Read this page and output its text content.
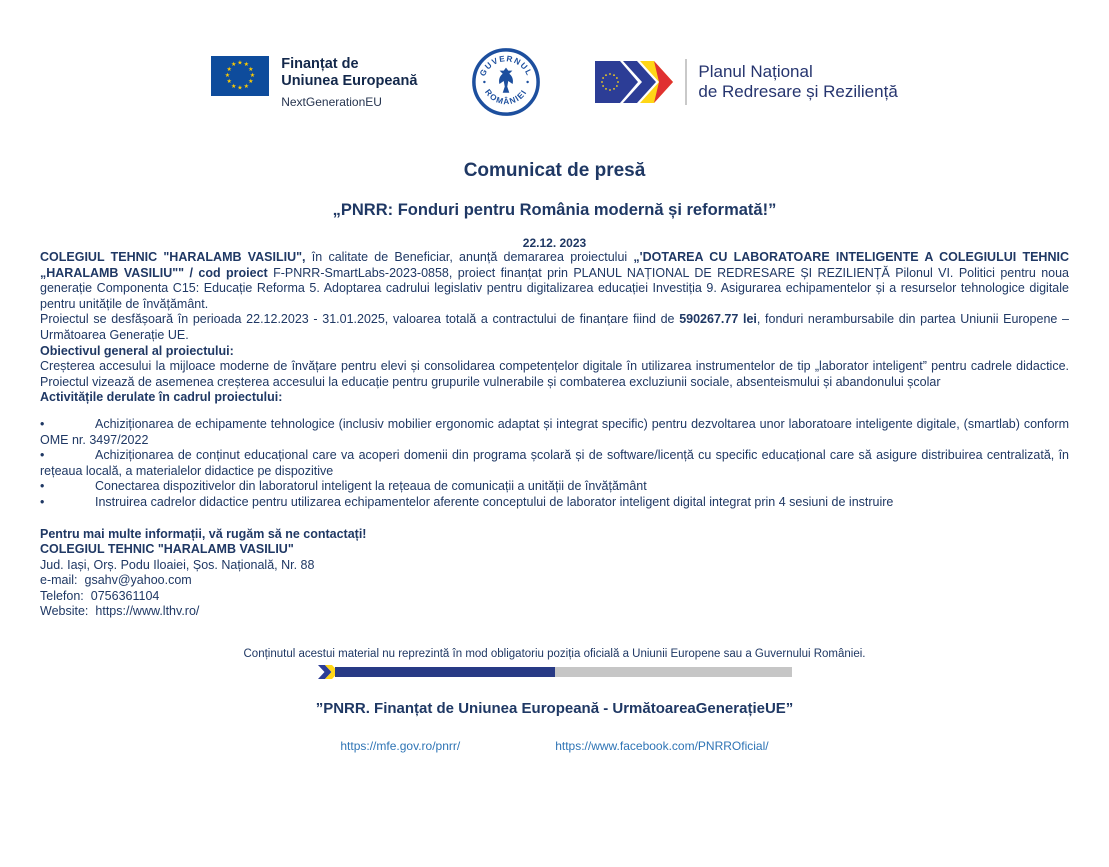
★ ★
★
★
★
★
★
★
★
★
★
★	Finanțat de
Uniunea Europeană
NextGenerationEU
GUVERNUL
ROMÂNIEI
Planul Național
de Redresare și Reziliență
Comunicat de presă
„PNRR: Fonduri pentru România modernă și reformată!”
22.12. 2023

COLEGIUL TEHNIC "HARALAMB VASILIU", în calitate de Beneficiar, anunță demararea proiectului „'DOTAREA CU LABORATOARE INTELIGENTE A COLEGIULUI TEHNIC „HARALAMB VASILIU"" / cod proiect F-PNRR-SmartLabs-2023-0858, proiect finanțat prin PLANUL NAȚIONAL DE REDRESARE ȘI REZILIENȚĂ Pilonul VI. Politici pentru noua generație Componenta C15: Educație Reforma 5. Adoptarea cadrului legislativ pentru digitalizarea educației Investiția 9. Asigurarea echipamentelor și a resurselor tehnologice digitale pentru unitățile de învățământ.

Proiectul se desfășoară în perioada 22.12.2023 - 31.01.2025, valoarea totală a contractului de finanțare fiind de 590267.77 lei, fonduri nerambursabile din partea Uniunii Europene – Următoarea Generație UE.

Obiectivul general al proiectului:

Creșterea accesului la mijloace moderne de învățare pentru elevi și consolidarea competențelor digitale în utilizarea instrumentelor de tip „laborator inteligent” pentru cadrele didactice. Proiectul vizează de asemenea creșterea accesului la educație pentru grupurile vulnerabile și combaterea excluziunii sociale, absenteismului și abandonului școlar

Activitățile derulate în cadrul proiectului:

•	Achiziționarea de echipamente tehnologice (inclusiv mobilier ergonomic adaptat și integrat specific) pentru dezvoltarea unor laboratoare inteligente digitale, (smartlab) conform OME nr. 3497/2022

•	Achiziționarea de conținut educațional care va acoperi domenii din programa școlară și de software/licență cu specific educațional care să asigure distribuirea centralizată, în rețeaua locală, a materialelor didactice pe dispozitive

•	Conectarea dispozitivelor din laboratorul inteligent la rețeaua de comunicații a unității de învățământ

•	Instruirea cadrelor didactice pentru utilizarea echipamentelor aferente conceptului de laborator inteligent digital integrat prin 4 sesiuni de instruire

Pentru mai multe informații, vă rugăm să ne contactați!

COLEGIUL TEHNIC "HARALAMB VASILIU"

Jud. Iași, Orș. Podu Iloaiei, Șos. Națională, Nr. 88

e-mail: gsahv@yahoo.com

Telefon: 0756361104

Website: https://www.lthv.ro/

Conținutul acestui material nu reprezintă în mod obligatoriu poziția oficială a Uniunii Europene sau a Guvernului României.
”PNRR. Finanțat de Uniunea Europeană - UrmătoareaGenerațieUE”
https://mfe.gov.ro/pnrr/	https://www.facebook.com/PNRROficial/
